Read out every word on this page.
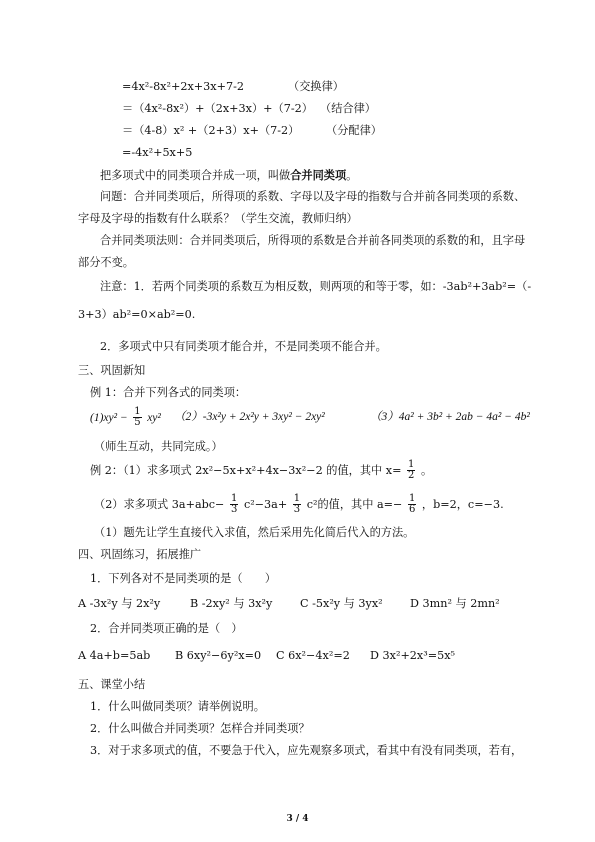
=4x²-8x²+2x+3x+7-2	（交换律）
＝（4x²-8x²）+（2x+3x）+（7-2） （结合律）
＝（4-8）x² +（2+3）x+（7-2） （分配律）
=-4x²+5x+5
把多项式中的同类项合并成一项，叫做合并同类项。
问题：合并同类项后，所得项的系数、字母以及字母的指数与合并前各同类项的系数、
字母及字母的指数有什么联系？（学生交流，教师归纳）
合并同类项法则：合并同类项后，所得项的系数是合并前各同类项的系数的和，且字母
部分不变。
注意：1．若两个同类项的系数互为相反数，则两项的和等于零，如：-3ab²+3ab²=（-
3+3）ab²=0×ab²=0.
2．多项式中只有同类项才能合并，不是同类项不能合并。
三、巩固新知
例 1：合并下列各式的同类项：
$(1)xy^2 - \frac{1}{5} xy^2$ （2）-3x²y + 2x²y + 3xy² − 2xy²	（3）4a² + 3b² + 2ab − 4a² − 4b²
（师生互动，共同完成。）
例 2：（1）求多项式 2x²−5x+x²+4x−3x²−2 的值，其中 $x= \frac{1}{2}$ 。
（2）求多项式 $3a+abc- \frac{1}{3} c^2-3a+ \frac{1}{3} c^2$的值，其中 $a=- \frac{1}{6}$ ，b=2，c=−3.
（1）题先让学生直接代入求值，然后采用先化简后代入的方法。
四、巩固练习，拓展推广
1．下列各对不是同类项的是（　　）
A -3x²y 与 2x²y	B -2xy² 与 3x²y C -5x²y 与 3yx² D 3mn² 与 2mn²
2．合并同类项正确的是（　）
A 4a+b=5ab B 6xy²−6y²x=0 C 6x²−4x²=2 D 3x²+2x³=5x⁵
五、课堂小结
1．什么叫做同类项？请举例说明。
2．什么叫做合并同类项？怎样合并同类项？
3．对于求多项式的值，不要急于代入，应先观察多项式，看其中有没有同类项，若有，
3 / 4
